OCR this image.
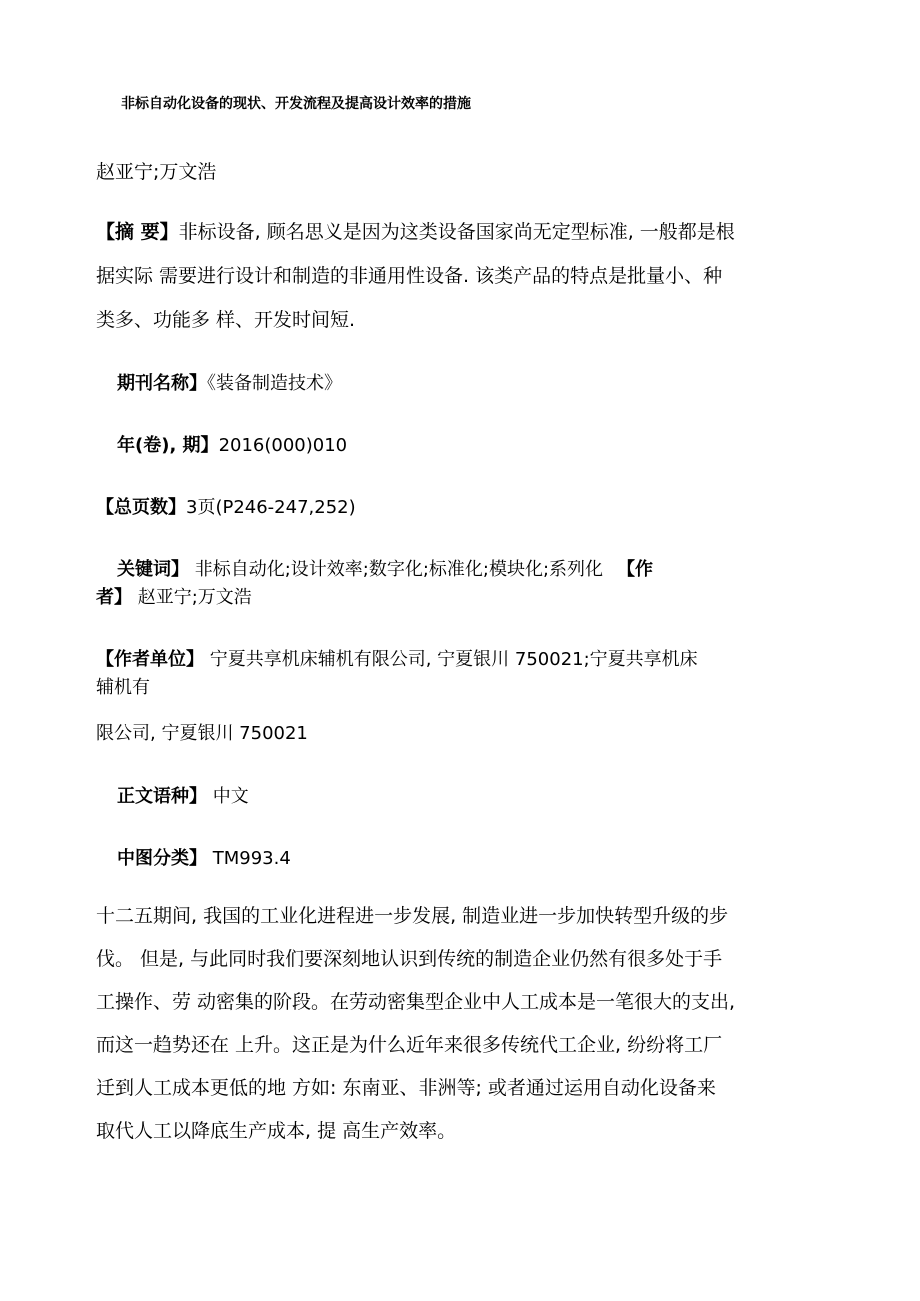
非标自动化设备的现状、开发流程及提高设计效率的措施
赵亚宁;万文浩

【摘 要】非标设备, 顾名思义是因为这类设备国家尚无定型标准, 一般都是根

据实际 需要进行设计和制造的非通用性设备. 该类产品的特点是批量小、种

类多、功能多 样、开发时间短.

期刊名称】《装备制造技术》
年(卷), 期】2016(000)010
【总页数】3页(P246-247,252)

关键词】 非标自动化;设计效率;数字化;标准化;模块化;系列化 【作

者】 赵亚宁;万文浩

【作者单位】 宁夏共享机床辅机有限公司, 宁夏银川 750021;宁夏共享机床

辅机有

限公司, 宁夏银川 750021
正文语种】 中文
中图分类】 TM993.4

十二五期间, 我国的工业化进程进一步发展, 制造业进一步加快转型升级的步

伐。 但是, 与此同时我们要深刻地认识到传统的制造企业仍然有很多处于手

工操作、劳 动密集的阶段。在劳动密集型企业中人工成本是一笔很大的支出,

而这一趋势还在 上升。这正是为什么近年来很多传统代工企业, 纷纷将工厂

迁到人工成本更低的地 方如: 东南亚、非洲等; 或者通过运用自动化设备来

取代人工以降底生产成本, 提 高生产效率。
